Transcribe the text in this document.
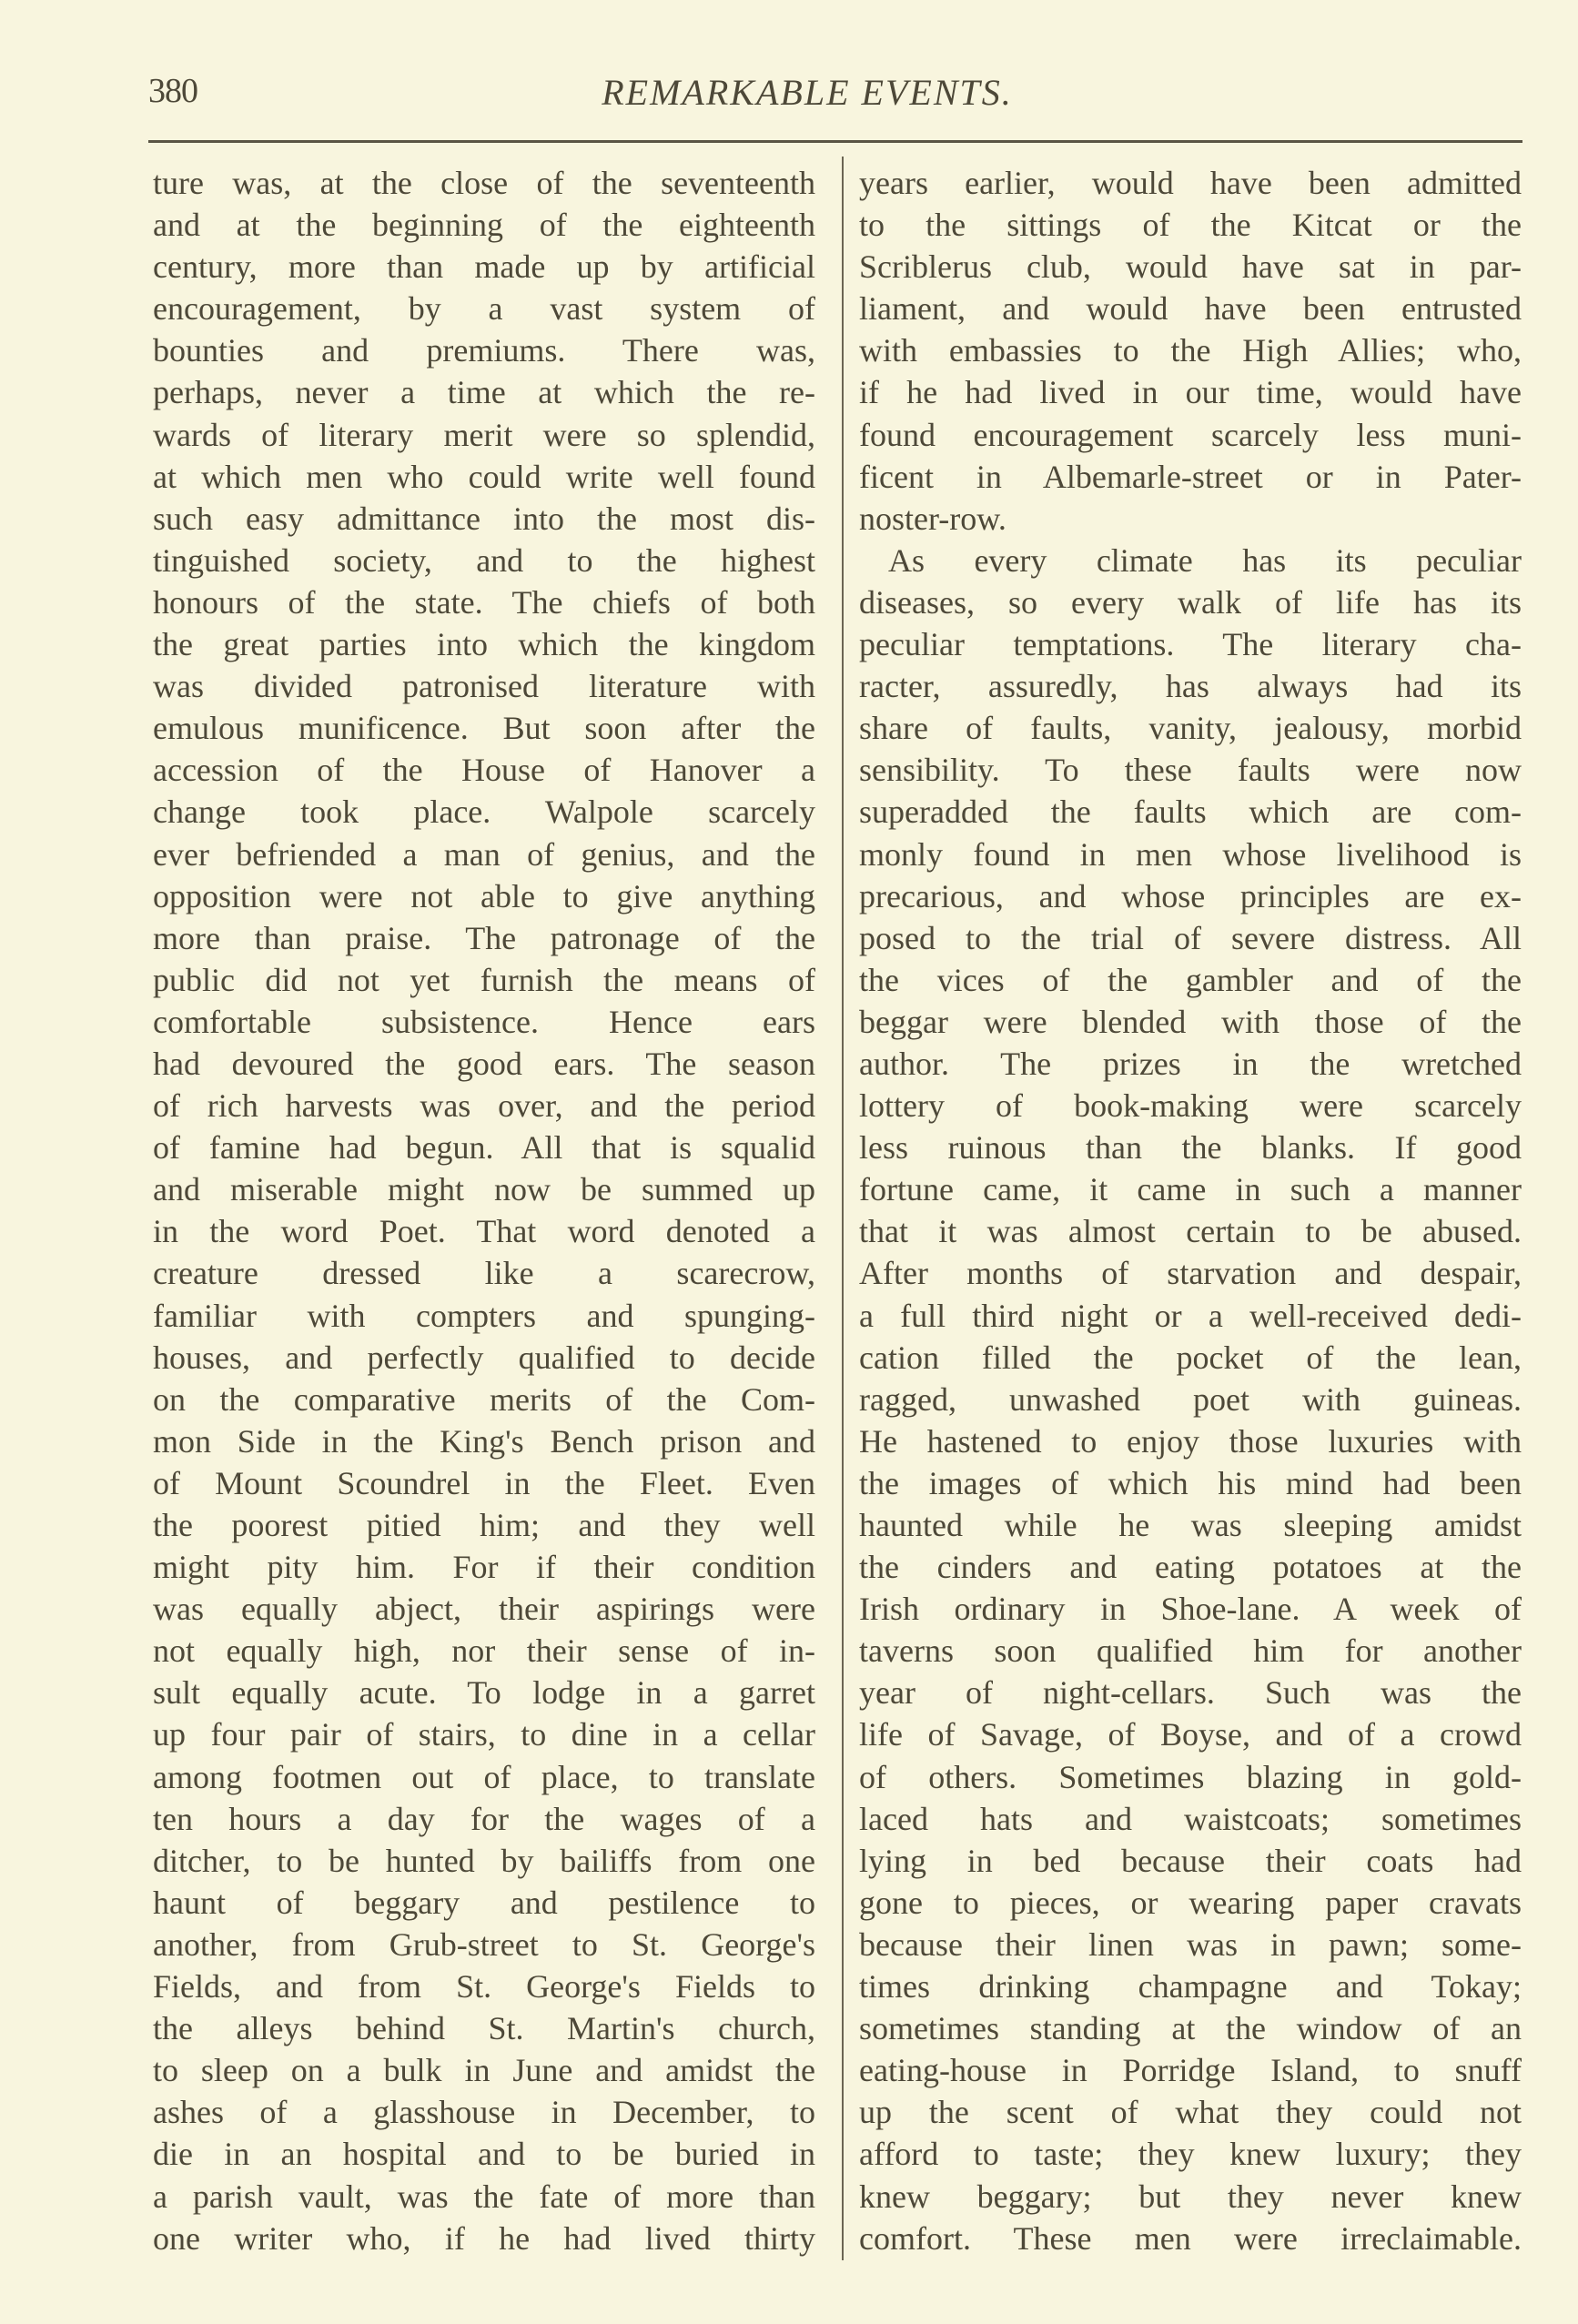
380	REMARKABLE EVENTS.
ture was, at the close of the seventeenth
and at the beginning of the eighteenth
century, more than made up by artificial
encouragement, by a vast system of
bounties and premiums. There was,
perhaps, never a time at which the re-
wards of literary merit were so splendid,
at which men who could write well found
such easy admittance into the most dis-
tinguished society, and to the highest
honours of the state. The chiefs of both
the great parties into which the kingdom
was divided patronised literature with
emulous munificence. But soon after the
accession of the House of Hanover a
change took place. Walpole scarcely
ever befriended a man of genius, and the
opposition were not able to give anything
more than praise. The patronage of the
public did not yet furnish the means of
comfortable subsistence. Hence ears
had devoured the good ears. The season
of rich harvests was over, and the period
of famine had begun. All that is squalid
and miserable might now be summed up
in the word Poet. That word denoted a
creature dressed like a scarecrow,
familiar with compters and spunging-
houses, and perfectly qualified to decide
on the comparative merits of the Com-
mon Side in the King's Bench prison and
of Mount Scoundrel in the Fleet. Even
the poorest pitied him; and they well
might pity him. For if their condition
was equally abject, their aspirings were
not equally high, nor their sense of in-
sult equally acute. To lodge in a garret
up four pair of stairs, to dine in a cellar
among footmen out of place, to translate
ten hours a day for the wages of a
ditcher, to be hunted by bailiffs from one
haunt of beggary and pestilence to
another, from Grub-street to St. George's
Fields, and from St. George's Fields to
the alleys behind St. Martin's church,
to sleep on a bulk in June and amidst the
ashes of a glasshouse in December, to
die in an hospital and to be buried in
a parish vault, was the fate of more than
one writer who, if he had lived thirty
years earlier, would have been admitted
to the sittings of the Kitcat or the
Scriblerus club, would have sat in par-
liament, and would have been entrusted
with embassies to the High Allies; who,
if he had lived in our time, would have
found encouragement scarcely less muni-
ficent in Albemarle-street or in Pater-
noster-row.
As every climate has its peculiar
diseases, so every walk of life has its
peculiar temptations. The literary cha-
racter, assuredly, has always had its
share of faults, vanity, jealousy, morbid
sensibility. To these faults were now
superadded the faults which are com-
monly found in men whose livelihood is
precarious, and whose principles are ex-
posed to the trial of severe distress. All
the vices of the gambler and of the
beggar were blended with those of the
author. The prizes in the wretched
lottery of book-making were scarcely
less ruinous than the blanks. If good
fortune came, it came in such a manner
that it was almost certain to be abused.
After months of starvation and despair,
a full third night or a well-received dedi-
cation filled the pocket of the lean,
ragged, unwashed poet with guineas.
He hastened to enjoy those luxuries with
the images of which his mind had been
haunted while he was sleeping amidst
the cinders and eating potatoes at the
Irish ordinary in Shoe-lane. A week of
taverns soon qualified him for another
year of night-cellars. Such was the
life of Savage, of Boyse, and of a crowd
of others. Sometimes blazing in gold-
laced hats and waistcoats; sometimes
lying in bed because their coats had
gone to pieces, or wearing paper cravats
because their linen was in pawn; some-
times drinking champagne and Tokay;
sometimes standing at the window of an
eating-house in Porridge Island, to snuff
up the scent of what they could not
afford to taste; they knew luxury; they
knew beggary; but they never knew
comfort. These men were irreclaimable.
